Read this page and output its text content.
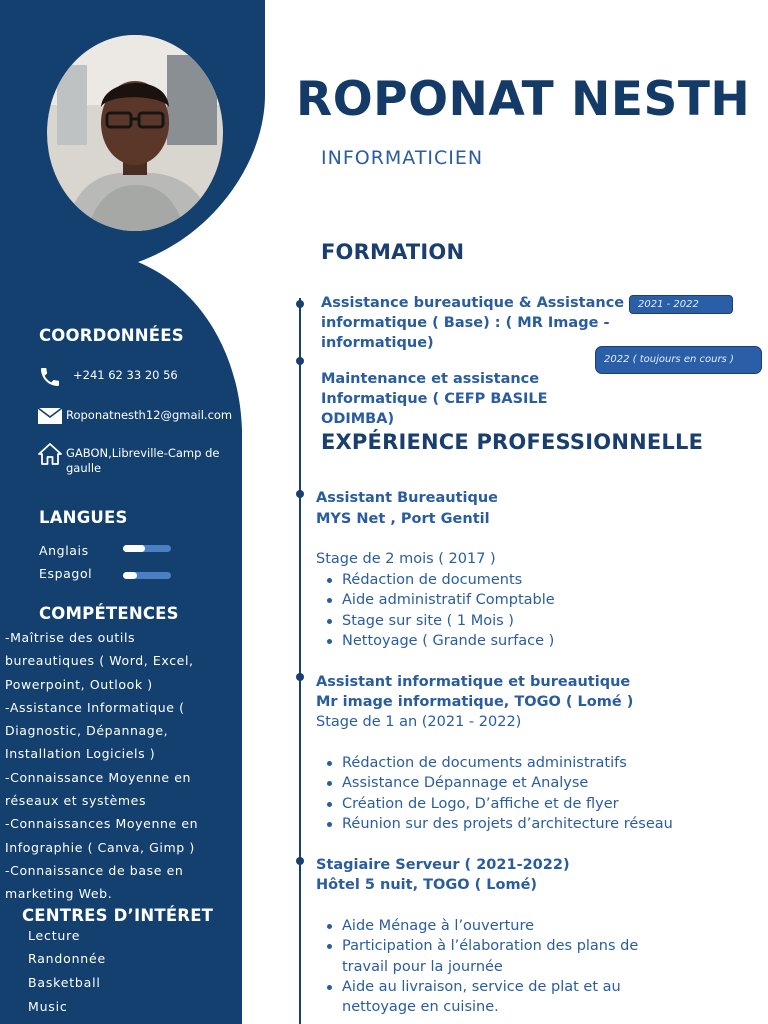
COORDONNÉES
+241 62 33 20 56
Roponatnesth12@gmail.com
GABON,Libreville-Camp de gaulle
LANGUES
Anglais
Espagol
COMPÉTENCES
-Maîtrise des outils bureautiques ( Word, Excel, Powerpoint, Outlook )
-Assistance Informatique ( Diagnostic, Dépannage, Installation Logiciels )
-Connaissance Moyenne en réseaux et systèmes
-Connaissances Moyenne en Infographie ( Canva, Gimp )
-Connaissance de base en marketing Web.
CENTRES D’INTÉRET
Lecture
Randonnée
Basketball
Music
ROPONAT NESTH
INFORMATICIEN
FORMATION
Assistance bureautique & Assistance informatique ( Base) : ( MR Image - informatique)
2021 - 2022
2022 ( toujours en cours )
Maintenance et assistance Informatique ( CEFP BASILE ODIMBA)
EXPÉRIENCE PROFESSIONNELLE
Assistant Bureautique
MYS Net , Port Gentil
Stage de 2 mois ( 2017 )
Rédaction de documents
Aide administratif Comptable
Stage sur site ( 1 Mois )
Nettoyage ( Grande surface )
Assistant informatique et bureautique
Mr image informatique, TOGO ( Lomé )
Stage de 1 an (2021 - 2022)
Rédaction de documents administratifs
Assistance Dépannage et Analyse
Création de Logo, D’affiche et de flyer
Réunion sur des projets d’architecture réseau
Stagiaire Serveur ( 2021-2022)
Hôtel 5 nuit, TOGO ( Lomé)
Aide Ménage à l’ouverture
Participation à l’élaboration des plans de travail pour la journée
Aide au livraison, service de plat et au nettoyage en cuisine.
